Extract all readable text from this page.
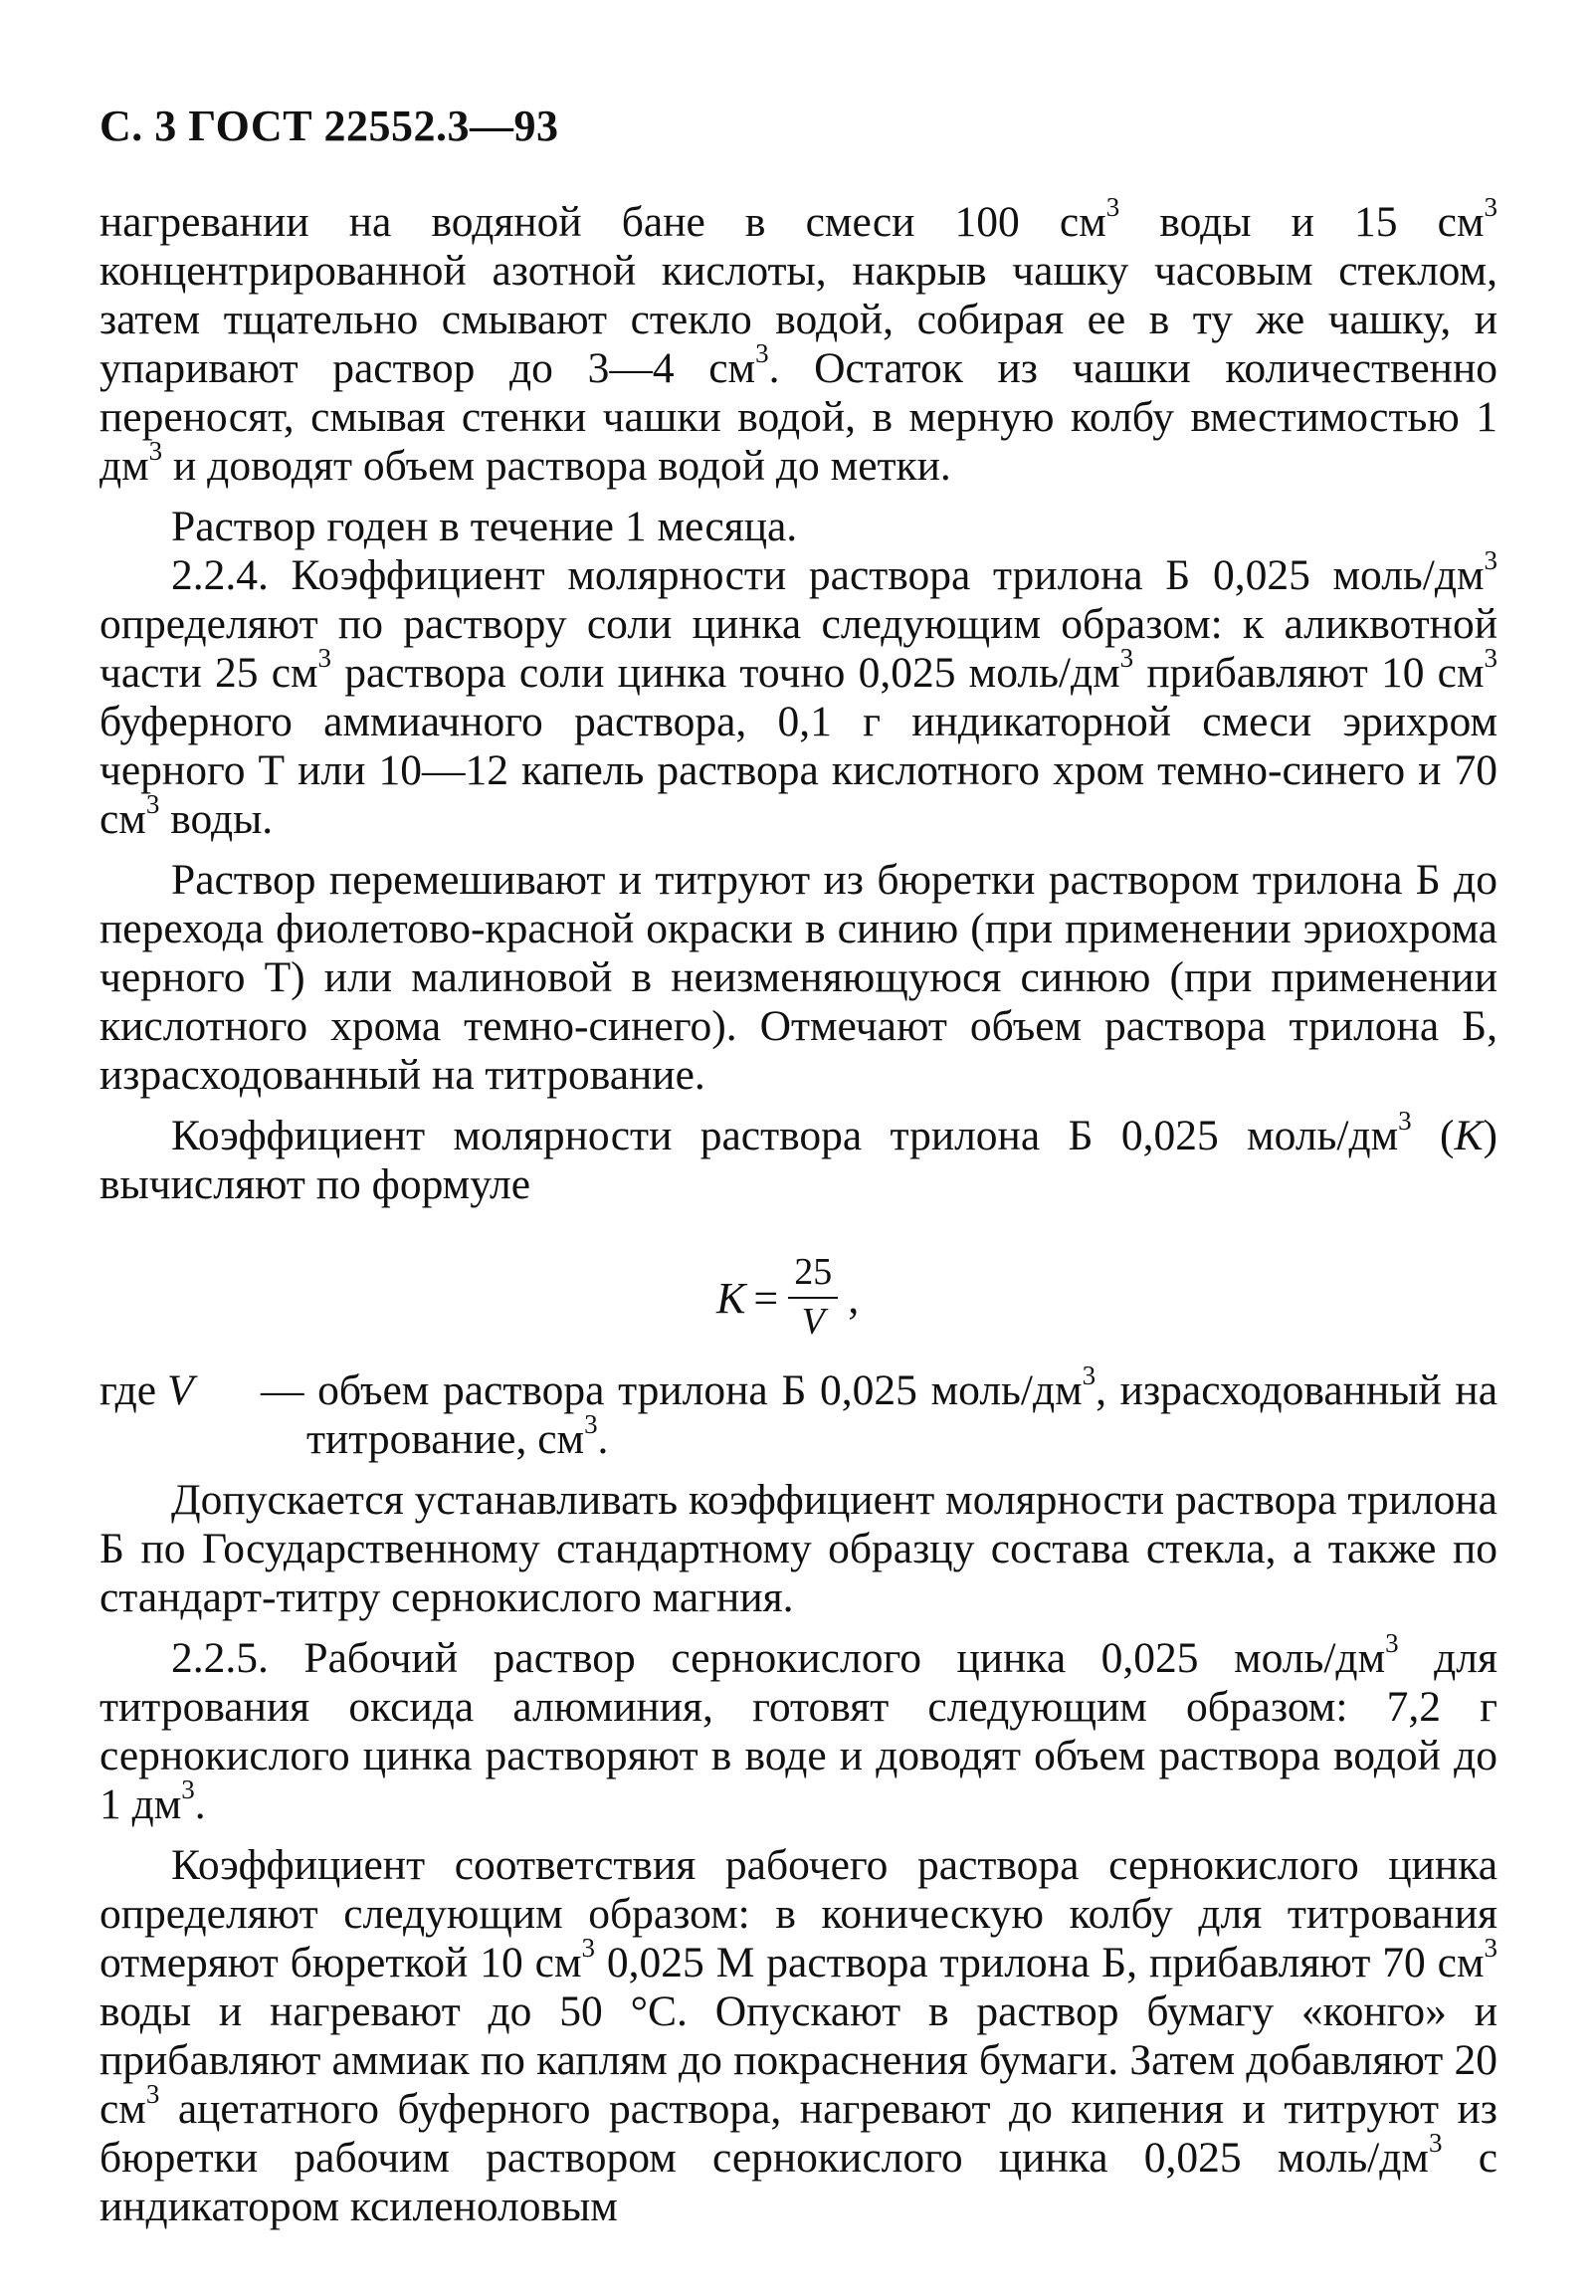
С. 3 ГОСТ 22552.3—93

нагревании на водяной бане в смеси 100 $см^3$ воды и 15 $см^3$ концентрированной азотной кислоты, накрыв чашку часовым стеклом, затем тщательно смывают стекло водой, собирая ее в ту же чашку, и упаривают раствор до 3—4 $см^3$. Остаток из чашки количественно переносят, смывая стенки чашки водой, в мерную колбу вместимостью 1 $дм^3$ и доводят объем раствора водой до метки.

Раствор годен в течение 1 месяца.

2.2.4. Коэффициент молярности раствора трилона Б 0,025 моль/$дм^3$ определяют по раствору соли цинка следующим образом: к аликвотной части 25 $см^3$ раствора соли цинка точно 0,025 моль/$дм^3$ прибавляют 10 $см^3$ буферного аммиачного раствора, 0,1 г индикаторной смеси эрихром черного Т или 10—12 капель раствора кислотного хром темно-синего и 70 $см^3$ воды.

Раствор перемешивают и титруют из бюретки раствором трилона Б до перехода фиолетово-красной окраски в синию (при применении эриохрома черного Т) или малиновой в неизменяющуюся синюю (при применении кислотного хрома темно-синего). Отмечают объем раствора трилона Б, израсходованный на титрование.

Коэффициент молярности раствора трилона Б 0,025 моль/$дм^3$ (K) вычисляют по формуле

$K = \frac{25}{V}$ ,
где V	— объем раствора трилона Б 0,025 моль/$дм^3$, израсходованный на титрование, $см^3$.

Допускается устанавливать коэффициент молярности раствора трилона Б по Государственному стандартному образцу состава стекла, а также по стандарт-титру сернокислого магния.

2.2.5. Рабочий раствор сернокислого цинка 0,025 моль/$дм^3$ для титрования оксида алюминия, готовят следующим образом: 7,2 г сернокислого цинка растворяют в воде и доводят объем раствора водой до 1 $дм^3$.

Коэффициент соответствия рабочего раствора сернокислого цинка определяют следующим образом: в коническую колбу для титрования отмеряют бюреткой 10 $см^3$ 0,025 М раствора трилона Б, прибавляют 70 $см^3$ воды и нагревают до 50 °С. Опускают в раствор бумагу «конго» и прибавляют аммиак по каплям до покраснения бумаги. Затем добавляют 20 $см^3$ ацетатного буферного раствора, нагревают до кипения и титруют из бюретки рабочим раствором сернокислого цинка 0,025 моль/$дм^3$ с индикатором ксиленоловым
